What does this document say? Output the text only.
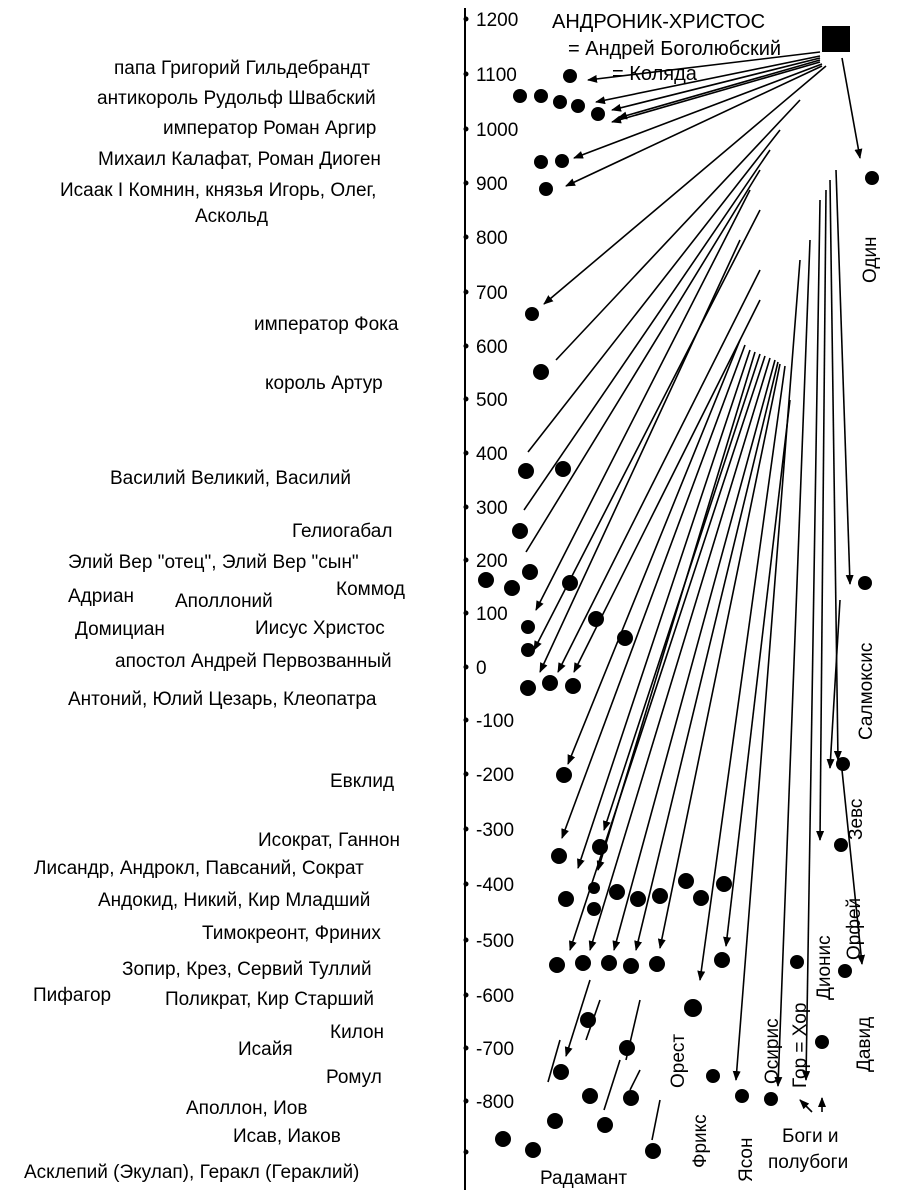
1200
1100
1000
900
800
700
600
500
400
300
200
100
0
-100
-200
-300
-400
-500
-600
-700
-800
АНДРОНИК-ХРИСТОС
= Андрей Боголюбский
= Коляда
папа Григорий Гильдебрандт
антикороль Рудольф Швабский
император Роман Аргир
Михаил Калафат, Роман Диоген
Исаак I Комнин, князья Игорь, Олег,
Аскольд
император Фока
король Артур
Василий Великий, Василий
Гелиогабал
Элий Вер "отец", Элий Вер "сын"
Адриан Аполлоний
Коммод
Домициан	Иисус Христос
апостол Андрей Первозванный
Антоний, Юлий Цезарь, Клеопатра
Евклид
Исократ, Ганнон
Лисандр, Андрокл, Павсаний, Сократ
Андокид, Никий, Кир Младший
Тимокреонт, Фриних
Зопир, Крез, Сервий Туллий
Пифагор	Поликрат, Кир Старший
Килон
Исайя
Ромул
Аполлон, Иов
Исав, Иаков
Асклепий (Экулап), Геракл (Гераклий)	Радамант
Боги и
полубоги
Один
Салмоксис
Зевс
Орфей
Давид
Дионис
Гор = Хор
Осирис
Орест
Фрикс Ясон
